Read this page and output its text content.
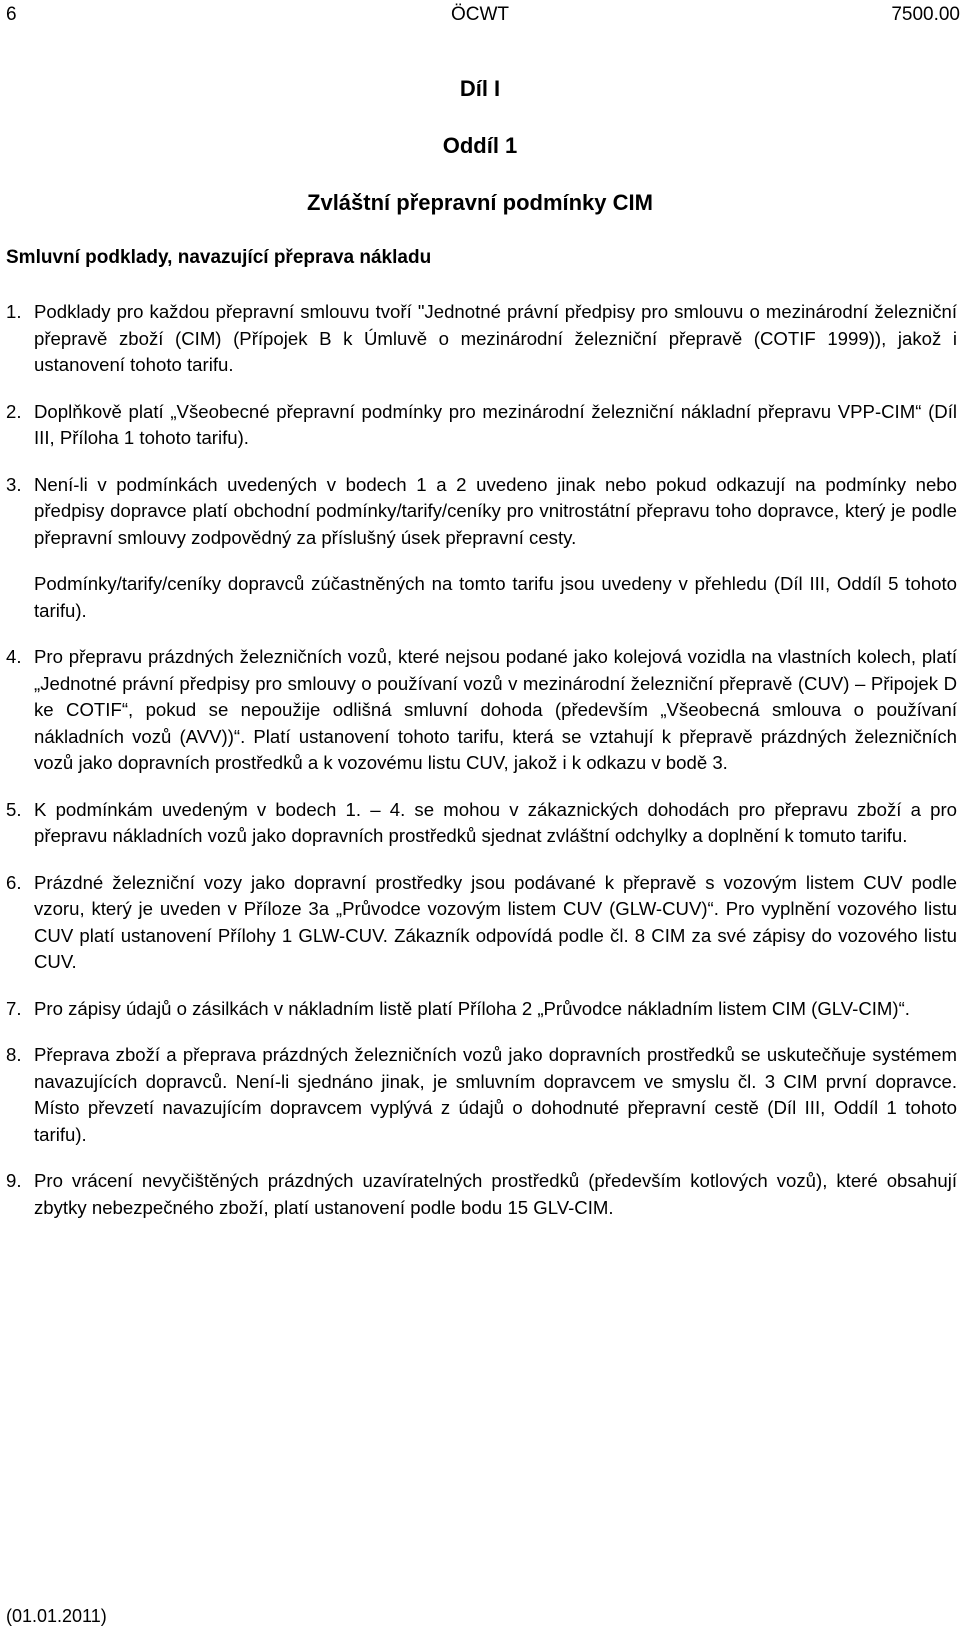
6	ÖCWT	7500.00
Díl I
Oddíl 1
Zvláštní přepravní podmínky CIM
Smluvní podklady, navazující přeprava nákladu
1. Podklady pro každou přepravní smlouvu tvoří "Jednotné právní předpisy pro smlouvu o mezinárodní železniční přepravě zboží (CIM) (Přípojek B k Úmluvě o mezinárodní železniční přepravě (COTIF 1999)), jakož i ustanovení tohoto tarifu.
2. Doplňkově platí „Všeobecné přepravní podmínky pro mezinárodní železniční nákladní přepravu VPP-CIM“ (Díl III, Příloha 1 tohoto tarifu).
3. Není-li v podmínkách uvedených v bodech 1 a 2 uvedeno jinak nebo pokud odkazují na podmínky nebo předpisy dopravce platí obchodní podmínky/tarify/ceníky pro vnitrostátní přepravu toho dopravce, který je podle přepravní smlouvy zodpovědný za příslušný úsek přepravní cesty.
Podmínky/tarify/ceníky dopravců zúčastněných na tomto tarifu jsou uvedeny v přehledu (Díl III, Oddíl 5 tohoto tarifu).
4. Pro přepravu prázdných železničních vozů, které nejsou podané jako kolejová vozidla na vlastních kolech, platí „Jednotné právní předpisy pro smlouvy o používaní vozů v mezinárodní železniční přepravě (CUV) – Připojek D ke COTIF“, pokud se nepoužije odlišná smluvní dohoda (především „Všeobecná smlouva o používaní nákladních vozů (AVV))“. Platí ustanovení tohoto tarifu, která se vztahují k přepravě prázdných železničních vozů jako dopravních prostředků a k vozovému listu CUV, jakož i k odkazu v bodě 3.
5. K podmínkám uvedeným v bodech 1. – 4. se mohou v zákaznických dohodách pro přepravu zboží a pro přepravu nákladních vozů jako dopravních prostředků sjednat zvláštní odchylky a doplnění k tomuto tarifu.
6. Prázdné železniční vozy jako dopravní prostředky jsou podávané k přepravě s vozovým listem CUV podle vzoru, který je uveden v Příloze 3a „Průvodce vozovým listem CUV (GLW-CUV)“. Pro vyplnění vozového listu CUV platí ustanovení Přílohy 1 GLW-CUV. Zákazník odpovídá podle čl. 8 CIM za své zápisy do vozového listu CUV.
7. Pro zápisy údajů o zásilkách v nákladním listě platí Příloha 2 „Průvodce nákladním listem CIM (GLV-CIM)“.
8. Přeprava zboží a přeprava prázdných železničních vozů jako dopravních prostředků se uskutečňuje systémem navazujících dopravců. Není-li sjednáno jinak, je smluvním dopravcem ve smyslu čl. 3 CIM první dopravce. Místo převzetí navazujícím dopravcem vyplývá z údajů o dohodnuté přepravní cestě (Díl III, Oddíl 1 tohoto tarifu).
9. Pro vrácení nevyčištěných prázdných uzavíratelných prostředků (především kotlových vozů), které obsahují zbytky nebezpečného zboží, platí ustanovení podle bodu 15 GLV-CIM.
(01.01.2011)
